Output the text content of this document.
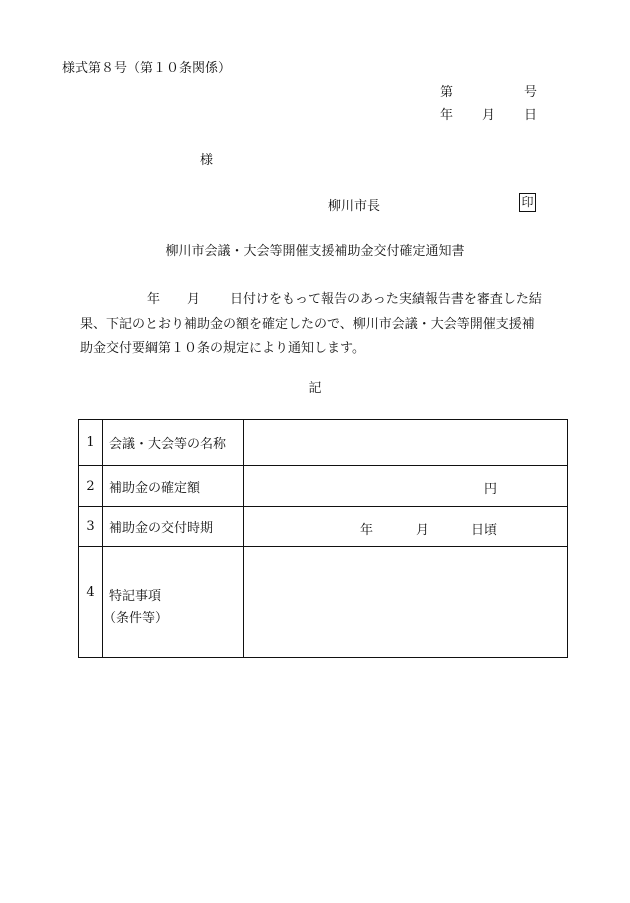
様式第８号（第１０条関係）
第	号
年 月 日
様
柳川市長	印
柳川市会議・大会等開催支援補助金交付確定通知書
年 月 日付けをもって報告のあった実績報告書を審査した結
果、下記のとおり補助金の額を確定したので、柳川市会議・大会等開催支援補
助金交付要綱第１０条の規定により通知します。
記
1	会議・大会等の名称	
2	補助金の確定額	円

3	補助金の交付時期	年 月 日頃

4	特記事項
（条件等）	
